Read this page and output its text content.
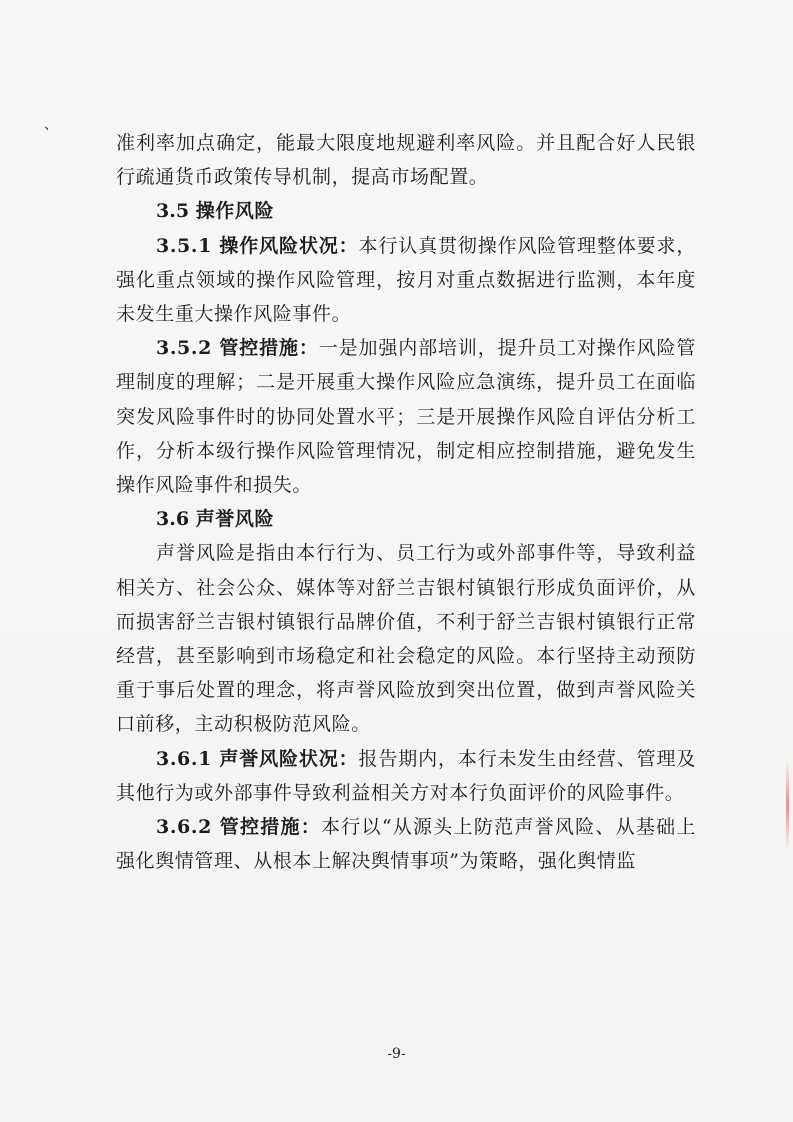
、

准利率加点确定，能最大限度地规避利率风险。并且配合好人民银行疏通货币政策传导机制，提高市场配置。

3.5 操作风险

3.5.1 操作风险状况：本行认真贯彻操作风险管理整体要求，强化重点领域的操作风险管理，按月对重点数据进行监测，本年度未发生重大操作风险事件。

3.5.2 管控措施：一是加强内部培训，提升员工对操作风险管理制度的理解；二是开展重大操作风险应急演练，提升员工在面临突发风险事件时的协同处置水平；三是开展操作风险自评估分析工作，分析本级行操作风险管理情况，制定相应控制措施，避免发生操作风险事件和损失。

3.6 声誉风险

声誉风险是指由本行行为、员工行为或外部事件等，导致利益相关方、社会公众、媒体等对舒兰吉银村镇银行形成负面评价，从而损害舒兰吉银村镇银行品牌价值，不利于舒兰吉银村镇银行正常经营，甚至影响到市场稳定和社会稳定的风险。本行坚持主动预防重于事后处置的理念，将声誉风险放到突出位置，做到声誉风险关口前移，主动积极防范风险。

3.6.1 声誉风险状况：报告期内，本行未发生由经营、管理及其他行为或外部事件导致利益相关方对本行负面评价的风险事件。

3.6.2 管控措施：本行以“从源头上防范声誉风险、从基础上强化舆情管理、从根本上解决舆情事项”为策略，强化舆情监

-9-
